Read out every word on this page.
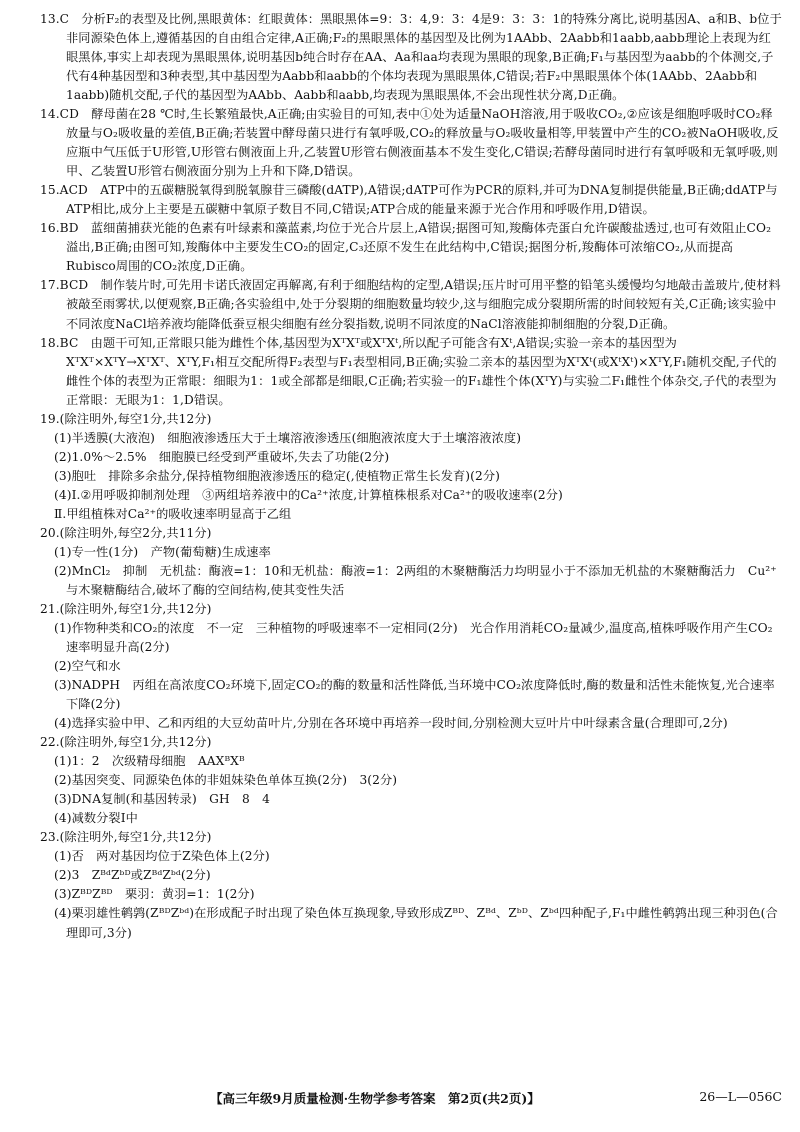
13.C　分析F₂的表型及比例,黑眼黄体：红眼黄体：黑眼黑体=9：3：4,9：3：4是9：3：3：1的特殊分离比,说明基因A、a和B、b位于非同源染色体上,遵循基因的自由组合定律,A正确;F₂的黑眼黑体的基因型及比例为1AAbb、2Aabb和1aabb,aabb理论上表现为红眼黑体,事实上却表现为黑眼黑体,说明基因b纯合时存在AA、Aa和aa均表现为黑眼的现象,B正确;F₁与基因型为aabb的个体测交,子代有4种基因型和3种表型,其中基因型为Aabb和aabb的个体均表现为黑眼黑体,C错误;若F₂中黑眼黑体个体(1AAbb、2Aabb和1aabb)随机交配,子代的基因型为AAbb、Aabb和aabb,均表现为黑眼黑体,不会出现性状分离,D正确。

14.CD　酵母菌在28 ℃时,生长繁殖最快,A正确;由实验目的可知,表中①处为适量NaOH溶液,用于吸收CO₂,②应该是细胞呼吸时CO₂释放量与O₂吸收量的差值,B正确;若装置中酵母菌只进行有氧呼吸,CO₂的释放量与O₂吸收量相等,甲装置中产生的CO₂被NaOH吸收,反应瓶中气压低于U形管,U形管右侧液面上升,乙装置U形管右侧液面基本不发生变化,C错误;若酵母菌同时进行有氧呼吸和无氧呼吸,则甲、乙装置U形管右侧液面分别为上升和下降,D错误。

15.ACD　ATP中的五碳糖脱氧得到脱氧腺苷三磷酸(dATP),A错误;dATP可作为PCR的原料,并可为DNA复制提供能量,B正确;ddATP与ATP相比,成分上主要是五碳糖中氧原子数目不同,C错误;ATP合成的能量来源于光合作用和呼吸作用,D错误。

16.BD　蓝细菌捕获光能的色素有叶绿素和藻蓝素,均位于光合片层上,A错误;据图可知,羧酶体壳蛋白允许碳酸盐透过,也可有效阻止CO₂溢出,B正确;由图可知,羧酶体中主要发生CO₂的固定,C₃还原不发生在此结构中,C错误;据图分析,羧酶体可浓缩CO₂,从而提高Rubisco周围的CO₂浓度,D正确。

17.BCD　制作装片时,可先用卡诺氏液固定再解离,有利于细胞结构的定型,A错误;压片时可用平整的铅笔头缓慢均匀地敲击盖玻片,使材料被敲至雨雾状,以便观察,B正确;各实验组中,处于分裂期的细胞数量均较少,这与细胞完成分裂期所需的时间较短有关,C正确;该实验中不同浓度NaCl培养液均能降低蚕豆根尖细胞有丝分裂指数,说明不同浓度的NaCl溶液能抑制细胞的分裂,D正确。

18.BC　由题干可知,正常眼只能为雌性个体,基因型为XᵀXᵀ或XᵀXᵗ,所以配子可能含有Xᵗ,A错误;实验一亲本的基因型为XᵀXᵀ×XᵀY→XᵀXᵀ、XᵀY,F₁相互交配所得F₂表型与F₁表型相同,B正确;实验二亲本的基因型为XᵀXᵗ(或XᵗXᵗ)×XᵀY,F₁随机交配,子代的雌性个体的表型为正常眼：细眼为1：1或全部都是细眼,C正确;若实验一的F₁雄性个体(XᵀY)与实验二F₁雌性个体杂交,子代的表型为正常眼：无眼为1：1,D错误。

19.(除注明外,每空1分,共12分)

(1)半透膜(大液泡)　细胞液渗透压大于土壤溶液渗透压(细胞液浓度大于土壤溶液浓度)

(2)1.0%～2.5%　细胞膜已经受到严重破坏,失去了功能(2分)

(3)胞吐　排除多余盐分,保持植物细胞液渗透压的稳定(,使植物正常生长发育)(2分)

(4)Ⅰ.②用呼吸抑制剂处理　③两组培养液中的Ca²⁺浓度,计算植株根系对Ca²⁺的吸收速率(2分)

Ⅱ.甲组植株对Ca²⁺的吸收速率明显高于乙组

20.(除注明外,每空2分,共11分)

(1)专一性(1分)　产物(葡萄糖)生成速率

(2)MnCl₂　抑制　无机盐：酶液=1：10和无机盐：酶液=1：2两组的木聚糖酶活力均明显小于不添加无机盐的木聚糖酶活力　Cu²⁺与木聚糖酶结合,破坏了酶的空间结构,使其变性失活

21.(除注明外,每空1分,共12分)

(1)作物种类和CO₂的浓度　不一定　三种植物的呼吸速率不一定相同(2分)　光合作用消耗CO₂量减少,温度高,植株呼吸作用产生CO₂速率明显升高(2分)

(2)空气和水

(3)NADPH　丙组在高浓度CO₂环境下,固定CO₂的酶的数量和活性降低,当环境中CO₂浓度降低时,酶的数量和活性未能恢复,光合速率下降(2分)

(4)选择实验中甲、乙和丙组的大豆幼苗叶片,分别在各环境中再培养一段时间,分别检测大豆叶片中叶绿素含量(合理即可,2分)

22.(除注明外,每空1分,共12分)

(1)1：2　次级精母细胞　AAXᴮXᴮ

(2)基因突变、同源染色体的非姐妹染色单体互换(2分)　3(2分)

(3)DNA复制(和基因转录)　GH　8　4

(4)减数分裂Ⅰ中

23.(除注明外,每空1分,共12分)

(1)否　两对基因均位于Z染色体上(2分)

(2)3　ZᴮᵈZᵇᴰ或ZᴮᵈZᵇᵈ(2分)

(3)ZᴮᴰZᴮᴰ　栗羽：黄羽=1：1(2分)

(4)栗羽雄性鹌鹑(ZᴮᴰZᵇᵈ)在形成配子时出现了染色体互换现象,导致形成Zᴮᴰ、Zᴮᵈ、Zᵇᴰ、Zᵇᵈ四种配子,F₁中雌性鹌鹑出现三种羽色(合理即可,3分)

【高三年级9月质量检测·生物学参考答案　第2页(共2页)】	26—L—056C
